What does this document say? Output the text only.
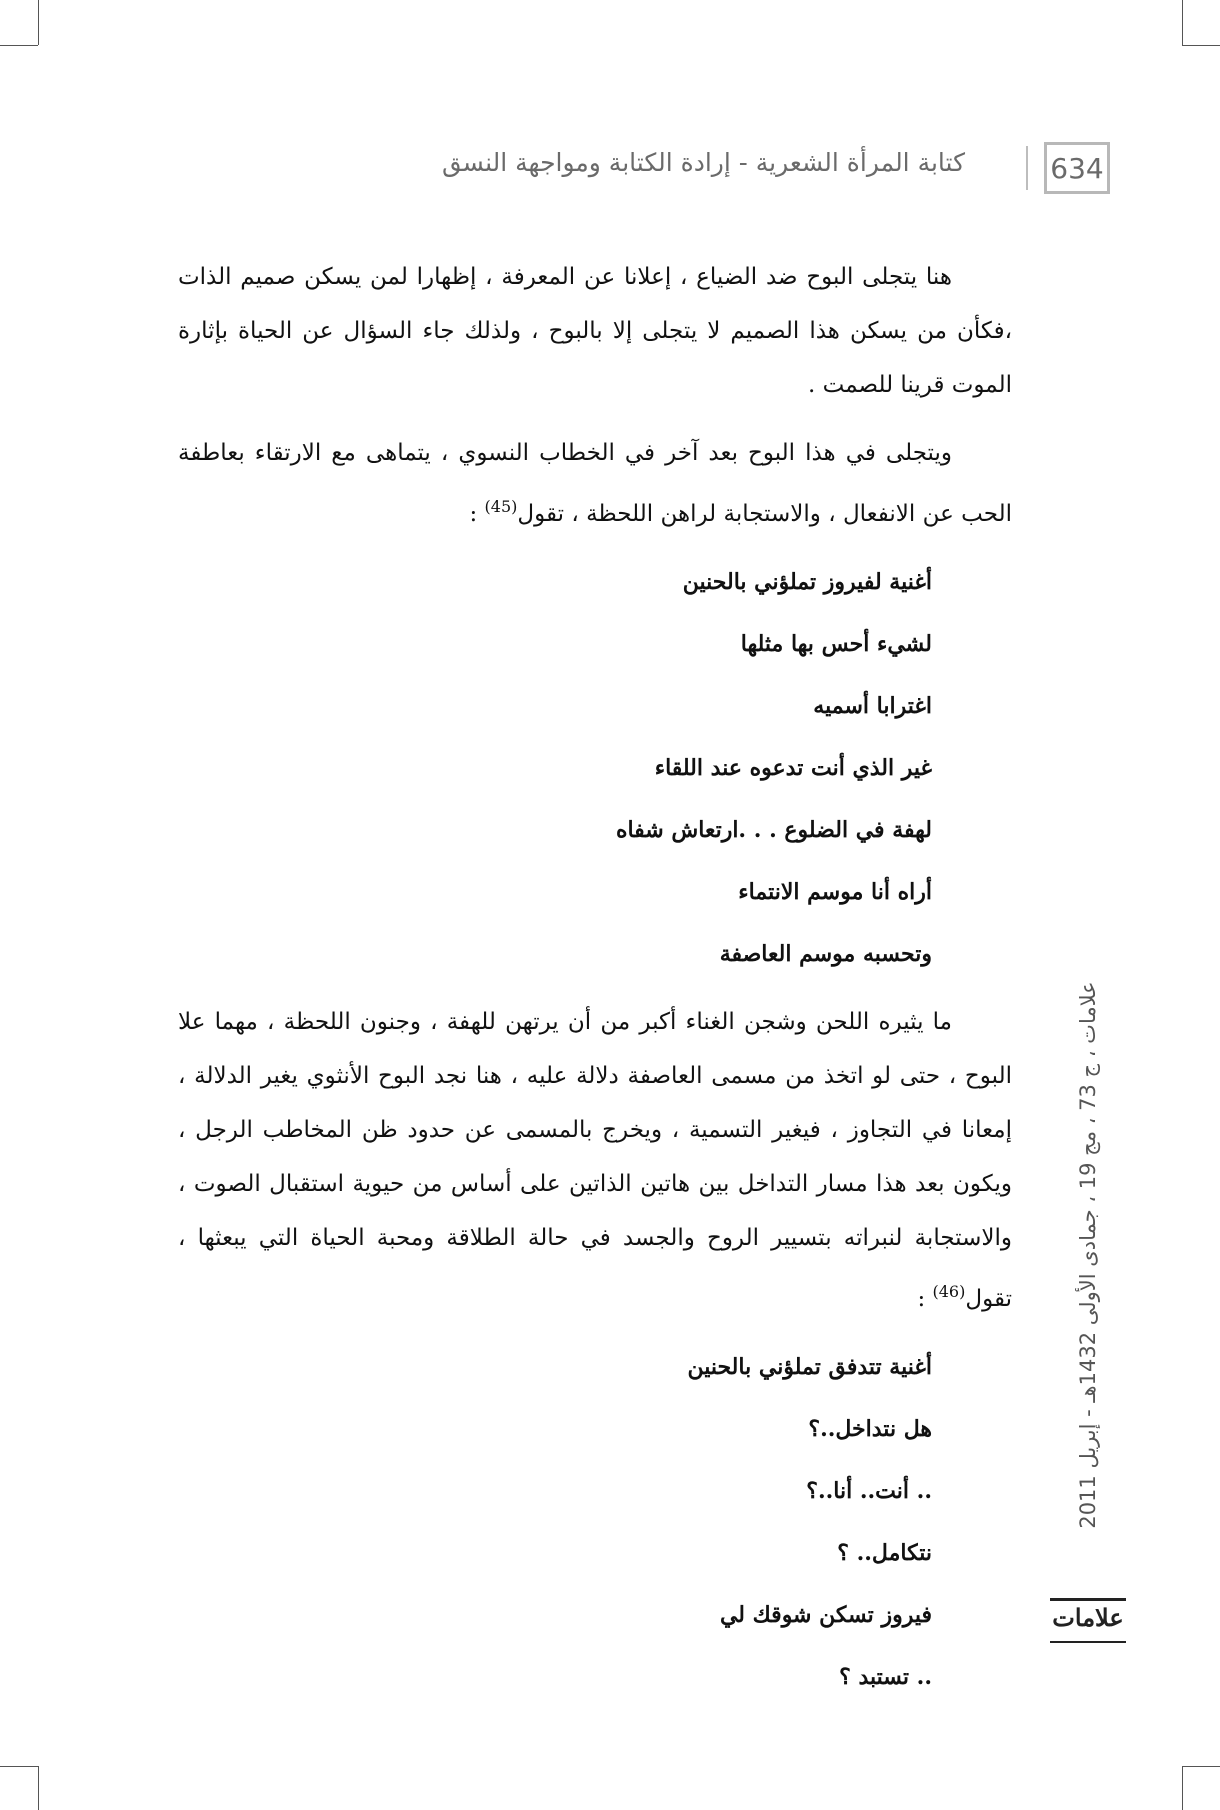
كتابة المرأة الشعرية - إرادة الكتابة ومواجهة النسق	634

هنا يتجلى البوح ضد الضياع ، إعلانا عن المعرفة ، إظهارا لمن يسكن صميم الذات ،فكأن من يسكن هذا الصميم لا يتجلى إلا بالبوح ، ولذلك جاء السؤال عن الحياة بإثارة الموت قرينا للصمت .

ويتجلى في هذا البوح بعد آخر في الخطاب النسوي ، يتماهى مع الارتقاء بعاطفة الحب عن الانفعال ، والاستجابة لراهن اللحظة ، تقول$^{(45)}$ :

أغنية لفيروز تملؤني بالحنين
لشيء أحس بها مثلها
اغترابا أسميه
غير الذي أنت تدعوه عند اللقاء
لهفة في الضلوع . . .ارتعاش شفاه
أراه أنا موسم الانتماء
وتحسبه موسم العاصفة

ما يثيره اللحن وشجن الغناء أكبر من أن يرتهن للهفة ، وجنون اللحظة ، مهما علا البوح ، حتى لو اتخذ من مسمى العاصفة دلالة عليه ، هنا نجد البوح الأنثوي يغير الدلالة ، إمعانا في التجاوز ، فيغير التسمية ، ويخرج بالمسمى عن حدود ظن المخاطب الرجل ، ويكون بعد هذا مسار التداخل بين هاتين الذاتين على أساس من حيوية استقبال الصوت ، والاستجابة لنبراته بتسيير الروح والجسد في حالة الطلاقة ومحبة الحياة التي يبعثها ، تقول$^{(46)}$ :

أغنية تتدفق تملؤني بالحنين
هل نتداخل..؟
.. أنت.. أنا..؟
نتكامل.. ؟
فيروز تسكن شوقك لي
.. تستبد ؟
علامات ، ج 73 ، مج 19 ، جمادى الأولى 1432هـ - إبريل 2011
علامات
